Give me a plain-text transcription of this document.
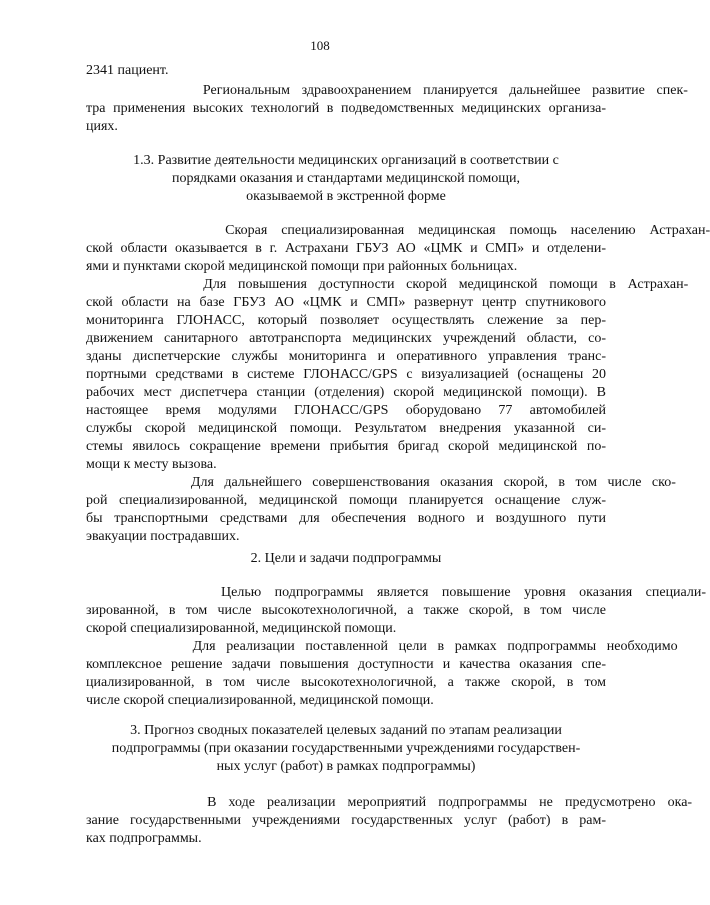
108
2341 пациент.
Региональным здравоохранением планируется дальнейшее развитие спек-
тра применения высоких технологий в подведомственных медицинских организа-
циях.
1.3. Развитие деятельности медицинских организаций в соответствии с
порядками оказания и стандартами медицинской помощи,
оказываемой в экстренной форме
Скорая специализированная медицинская помощь населению Астрахан-
ской области оказывается в г. Астрахани ГБУЗ АО «ЦМК и СМП» и отделени-
ями и пунктами скорой медицинской помощи при районных больницах.
Для повышения доступности скорой медицинской помощи в Астрахан-
ской области на базе ГБУЗ АО «ЦМК и СМП» развернут центр спутникового
мониторинга ГЛОНАСС, который позволяет осуществлять слежение за пер-
движением санитарного автотранспорта медицинских учреждений области, со-
зданы диспетчерские службы мониторинга и оперативного управления транс-
портными средствами в системе ГЛОНАСС/GPS с визуализацией (оснащены 20
рабочих мест диспетчера станции (отделения) скорой медицинской помощи). В
настоящее время модулями ГЛОНАСС/GPS оборудовано 77 автомобилей
службы скорой медицинской помощи. Результатом внедрения указанной си-
стемы явилось сокращение времени прибытия бригад скорой медицинской по-
мощи к месту вызова.
Для дальнейшего совершенствования оказания скорой, в том числе ско-
рой специализированной, медицинской помощи планируется оснащение служ-
бы транспортными средствами для обеспечения водного и воздушного пути
эвакуации пострадавших.
2. Цели и задачи подпрограммы
Целью подпрограммы является повышение уровня оказания специали-
зированной, в том числе высокотехнологичной, а также скорой, в том числе
скорой специализированной, медицинской помощи.
Для реализации поставленной цели в рамках подпрограммы необходимо
комплексное решение задачи повышения доступности и качества оказания спе-
циализированной, в том числе высокотехнологичной, а также скорой, в том
числе скорой специализированной, медицинской помощи.
3. Прогноз сводных показателей целевых заданий по этапам реализации
подпрограммы (при оказании государственными учреждениями государствен-
ных услуг (работ) в рамках подпрограммы)
В ходе реализации мероприятий подпрограммы не предусмотрено ока-
зание государственными учреждениями государственных услуг (работ) в рам-
ках подпрограммы.
